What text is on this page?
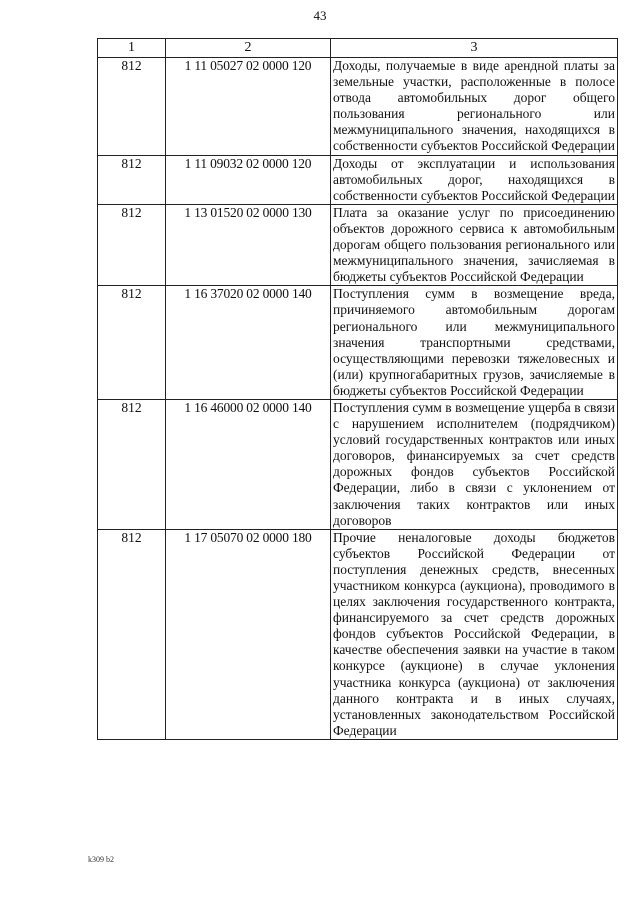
43
1	2	3
812	1 11 05027 02 0000 120	Доходы, получаемые в виде арендной платы за земельные участки, расположенные в полосе отвода автомобильных дорог общего пользования регионального или межмуниципального значения, находящихся в собственности субъектов Российской Федерации
812	1 11 09032 02 0000 120	Доходы от эксплуатации и использования автомобильных дорог, находящихся в собственности субъектов Российской Федерации
812	1 13 01520 02 0000 130	Плата за оказание услуг по присоединению объектов дорожного сервиса к автомобильным дорогам общего пользования регионального или межмуниципального значения, зачисляемая в бюджеты субъектов Российской Федерации
812	1 16 37020 02 0000 140	Поступления сумм в возмещение вреда, причиняемого автомобильным дорогам регионального или межмуниципального значения транспортными средствами, осуществляющими перевозки тяжеловесных и (или) крупногабаритных грузов, зачисляемые в бюджеты субъектов Российской Федерации
812	1 16 46000 02 0000 140	Поступления сумм в возмещение ущерба в связи с нарушением исполнителем (подрядчиком) условий государственных контрактов или иных договоров, финансируемых за счет средств дорожных фондов субъектов Российской Федерации, либо в связи с уклонением от заключения таких контрактов или иных договоров
812	1 17 05070 02 0000 180	Прочие неналоговые доходы бюджетов субъектов Российской Федерации от поступления денежных средств, внесенных участником конкурса (аукциона), проводимого в целях заключения государственного контракта, финансируемого за счет средств дорожных фондов субъектов Российской Федерации, в качестве обеспечения заявки на участие в таком конкурсе (аукционе) в случае уклонения участника конкурса (аукциона) от заключения данного контракта и в иных случаях, установленных законодательством Российской Федерации
k309 b2
